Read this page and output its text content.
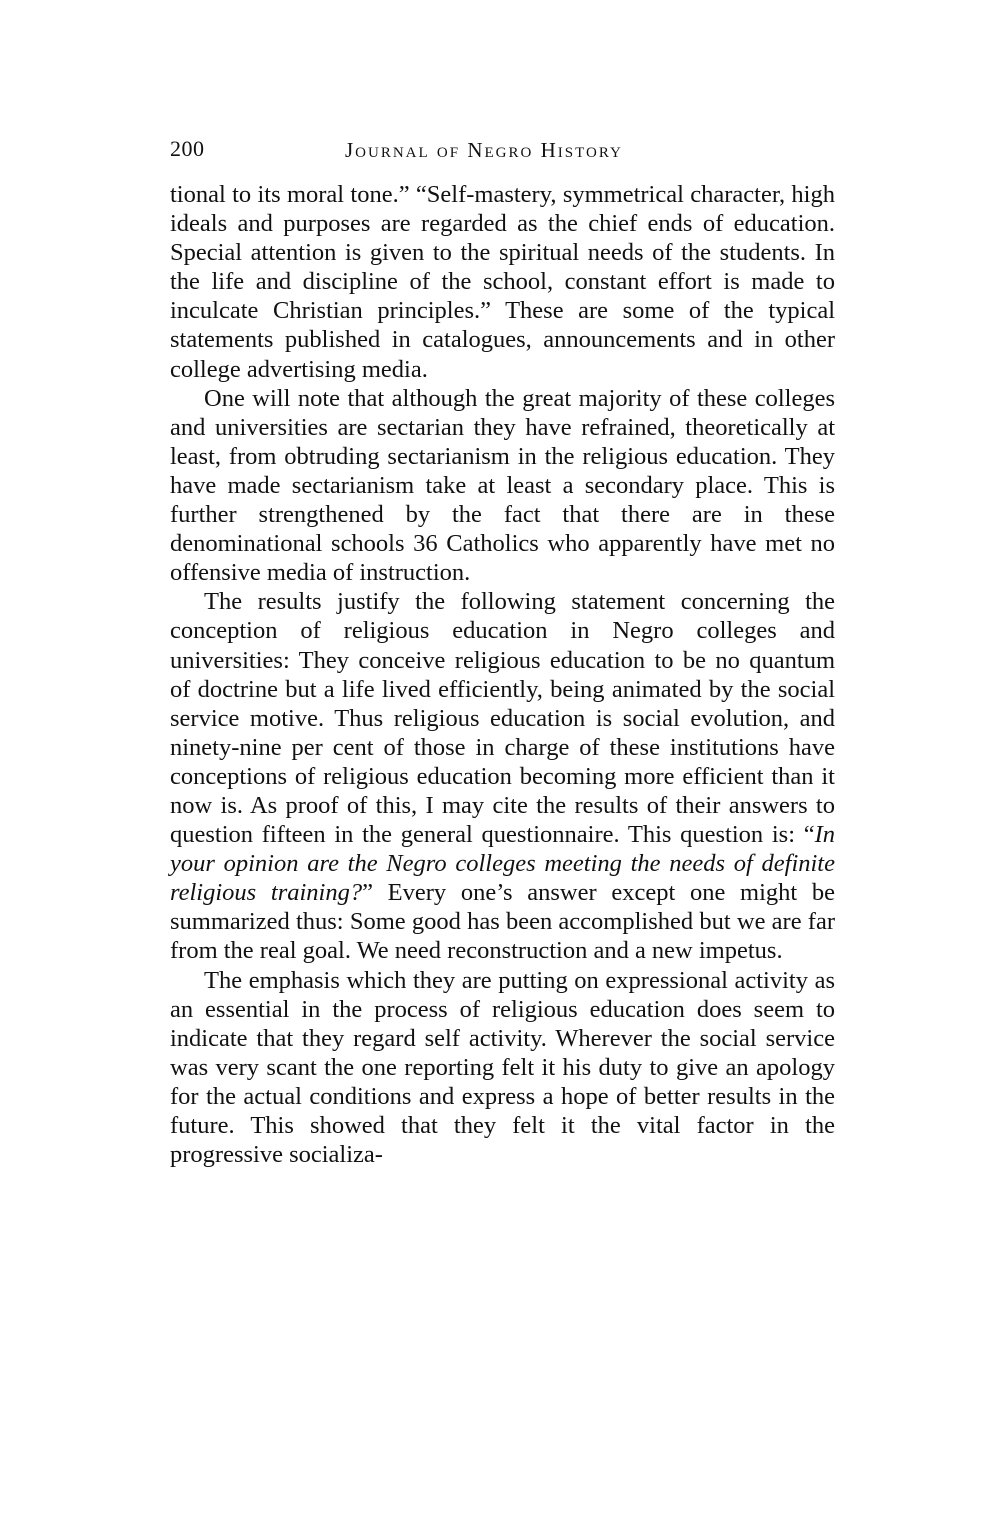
200	Journal of Negro History

tional to its moral tone.” “Self-mastery, symmetrical character, high ideals and purposes are regarded as the chief ends of education. Special attention is given to the spiritual needs of the students. In the life and discipline of the school, constant effort is made to inculcate Christian principles.” These are some of the typical statements published in catalogues, announcements and in other college advertising media.

One will note that although the great majority of these colleges and universities are sectarian they have refrained, theoretically at least, from obtruding sectarianism in the religious education. They have made sectarianism take at least a secondary place. This is further strengthened by the fact that there are in these denominational schools 36 Catholics who apparently have met no offensive media of instruction.

The results justify the following statement concerning the conception of religious education in Negro colleges and universities: They conceive religious education to be no quantum of doctrine but a life lived efficiently, being animated by the social service motive. Thus religious education is social evolution, and ninety-nine per cent of those in charge of these institutions have conceptions of religious education becoming more efficient than it now is. As proof of this, I may cite the results of their answers to question fifteen in the general questionnaire. This question is: “In your opinion are the Negro colleges meeting the needs of definite religious training?” Every one’s answer except one might be summarized thus: Some good has been accomplished but we are far from the real goal. We need reconstruction and a new impetus.

The emphasis which they are putting on expressional activity as an essential in the process of religious education does seem to indicate that they regard self activity. Wherever the social service was very scant the one reporting felt it his duty to give an apology for the actual conditions and express a hope of better results in the future. This showed that they felt it the vital factor in the progressive socializa-
